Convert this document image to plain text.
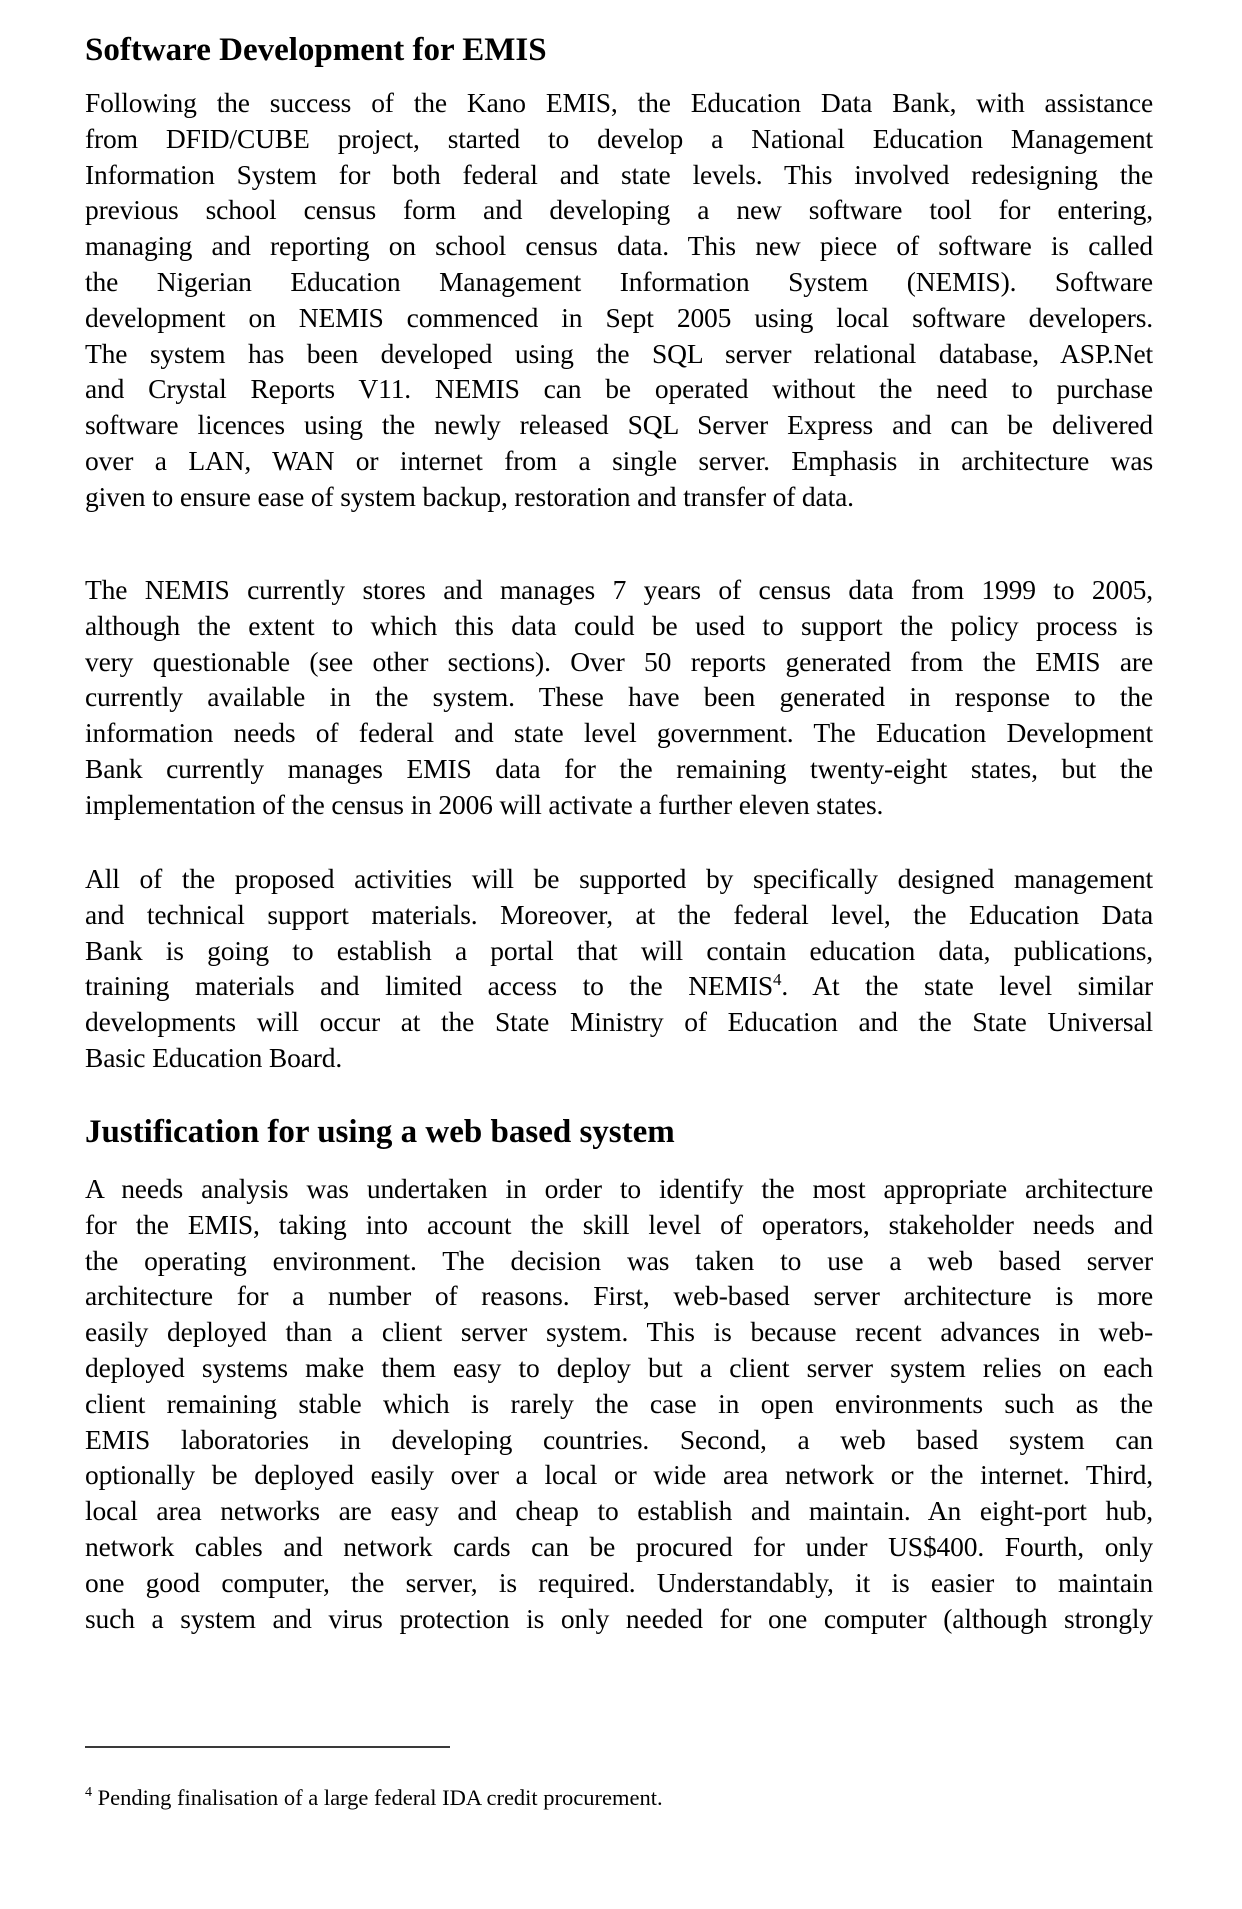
Software Development for EMIS
Following the success of the Kano EMIS, the Education Data Bank, with assistance
from DFID/CUBE project, started to develop a National Education Management
Information System for both federal and state levels. This involved redesigning the
previous school census form and developing a new software tool for entering,
managing and reporting on school census data. This new piece of software is called
the Nigerian Education Management Information System (NEMIS). Software
development on NEMIS commenced in Sept 2005 using local software developers.
The system has been developed using the SQL server relational database, ASP.Net
and Crystal Reports V11. NEMIS can be operated without the need to purchase
software licences using the newly released SQL Server Express and can be delivered
over a LAN, WAN or internet from a single server. Emphasis in architecture was
given to ensure ease of system backup, restoration and transfer of data.
The NEMIS currently stores and manages 7 years of census data from 1999 to 2005,
although the extent to which this data could be used to support the policy process is
very questionable (see other sections). Over 50 reports generated from the EMIS are
currently available in the system. These have been generated in response to the
information needs of federal and state level government. The Education Development
Bank currently manages EMIS data for the remaining twenty-eight states, but the
implementation of the census in 2006 will activate a further eleven states.
All of the proposed activities will be supported by specifically designed management
and technical support materials. Moreover, at the federal level, the Education Data
Bank is going to establish a portal that will contain education data, publications,
training materials and limited access to the NEMIS$^4$. At the state level similar
developments will occur at the State Ministry of Education and the State Universal
Basic Education Board.
Justification for using a web based system
A needs analysis was undertaken in order to identify the most appropriate architecture
for the EMIS, taking into account the skill level of operators, stakeholder needs and
the operating environment. The decision was taken to use a web based server
architecture for a number of reasons. First, web-based server architecture is more
easily deployed than a client server system. This is because recent advances in web-
deployed systems make them easy to deploy but a client server system relies on each
client remaining stable which is rarely the case in open environments such as the
EMIS laboratories in developing countries. Second, a web based system can
optionally be deployed easily over a local or wide area network or the internet. Third,
local area networks are easy and cheap to establish and maintain. An eight-port hub,
network cables and network cards can be procured for under US$400. Fourth, only
one good computer, the server, is required. Understandably, it is easier to maintain
such a system and virus protection is only needed for one computer (although strongly
$^4$ Pending finalisation of a large federal IDA credit procurement.
